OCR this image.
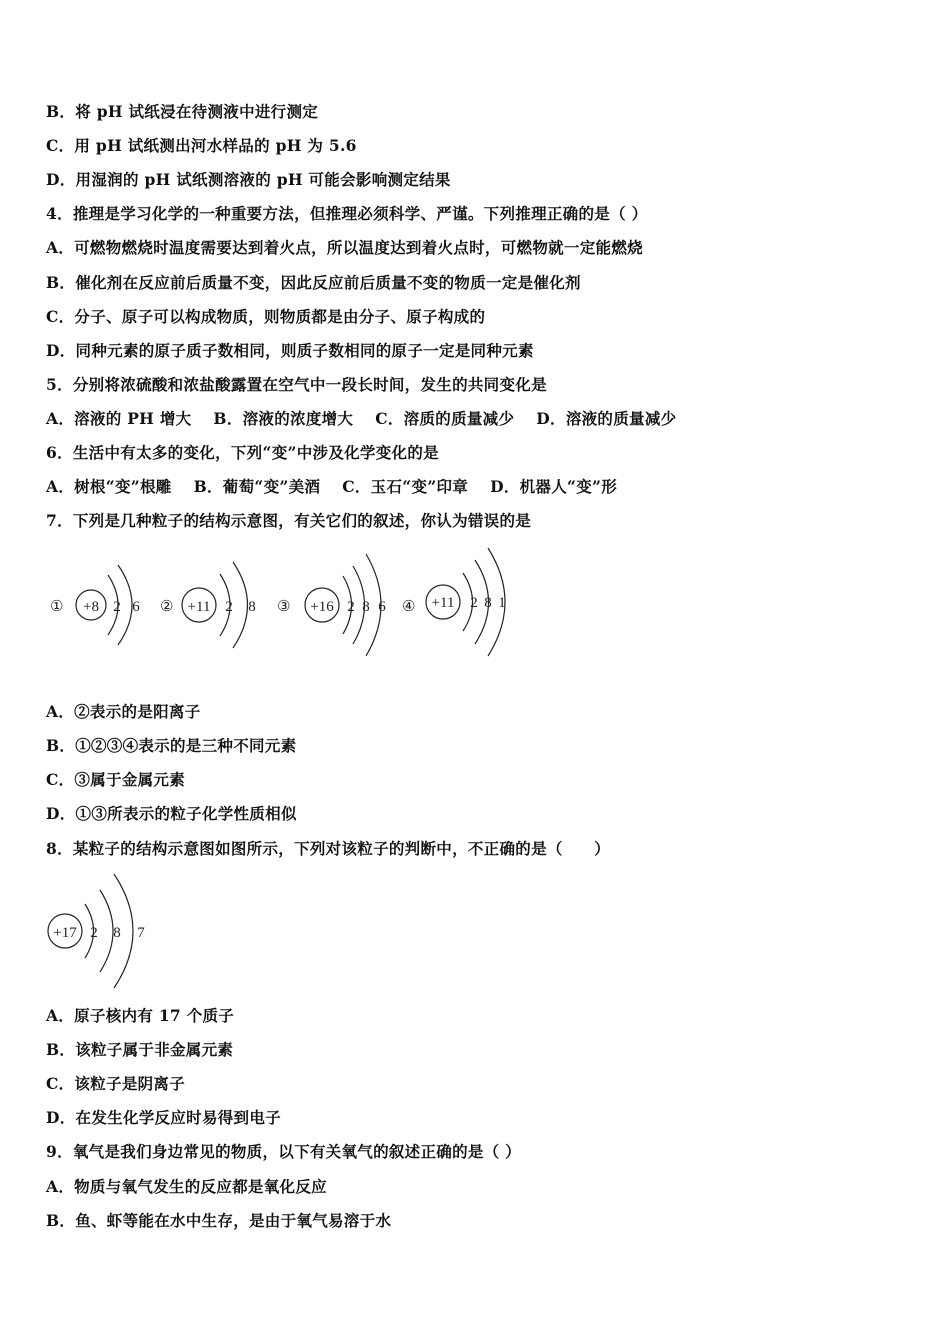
B．将 pH 试纸浸在待测液中进行测定
C．用 pH 试纸测出河水样品的 pH 为 5.6
D．用湿润的 pH 试纸测溶液的 pH 可能会影响测定结果
4．推理是学习化学的一种重要方法，但推理必须科学、严谨。下列推理正确的是（ ）
A．可燃物燃烧时温度需要达到着火点，所以温度达到着火点时，可燃物就一定能燃烧
B．催化剂在反应前后质量不变，因此反应前后质量不变的物质一定是催化剂
C．分子、原子可以构成物质，则物质都是由分子、原子构成的
D．同种元素的原子质子数相同，则质子数相同的原子一定是同种元素
5．分别将浓硫酸和浓盐酸露置在空气中一段长时间，发生的共同变化是
A．溶液的 PH 增大 B．溶液的浓度增大 C．溶质的质量减少 D．溶液的质量减少
6．生活中有太多的变化，下列“变”中涉及化学变化的是
A．树根“变”根雕 B．葡萄“变”美酒 C．玉石“变”印章 D．机器人“变”形
7．下列是几种粒子的结构示意图，有关它们的叙述，你认为错误的是
① +8 2 6 ② +11 2 8 ③ +16 2 8 6 ④ +11 2 8 1
A．②表示的是阳离子
B．①②③④表示的是三种不同元素
C．③属于金属元素
D．①③所表示的粒子化学性质相似
8．某粒子的结构示意图如图所示，下列对该粒子的判断中，不正确的是（　　）
+17 2 8 7
A．原子核内有 17 个质子
B．该粒子属于非金属元素
C．该粒子是阴离子
D．在发生化学反应时易得到电子
9．氧气是我们身边常见的物质，以下有关氧气的叙述正确的是（ ）
A．物质与氧气发生的反应都是氧化反应
B．鱼、虾等能在水中生存，是由于氧气易溶于水
